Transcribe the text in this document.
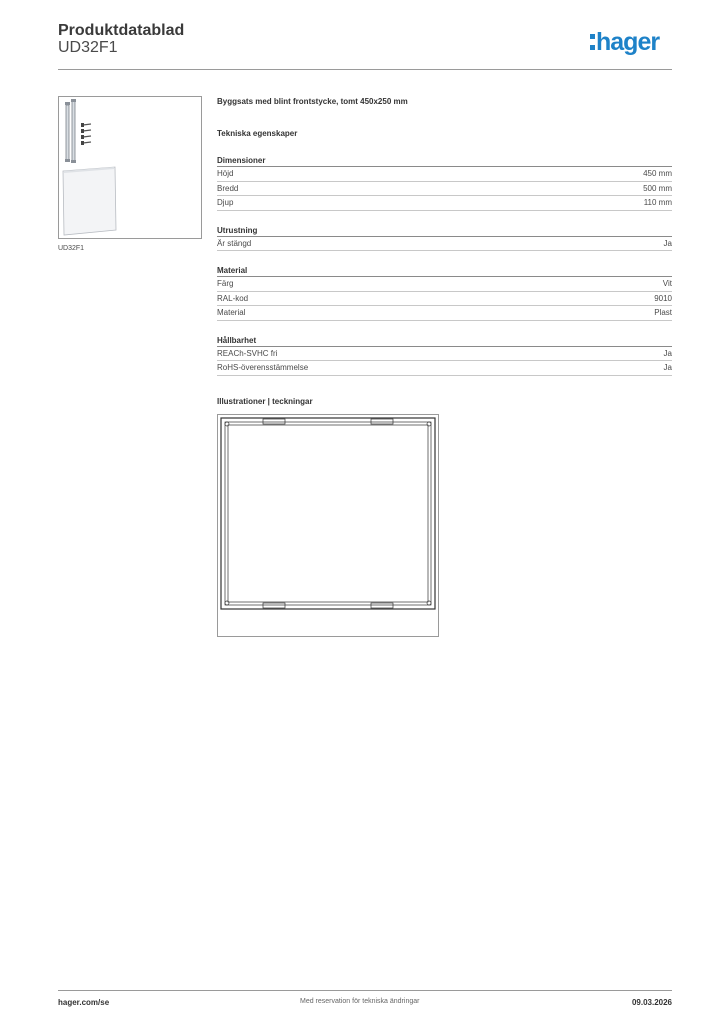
Produktdatablad
UD32F1	hager
UD32F1
Byggsats med blint frontstycke, tomt 450x250 mm
Tekniska egenskaper
Dimensioner
Höjd	450 mm
Bredd	500 mm
Djup	110 mm
Utrustning
Är stängd	Ja
Material
Färg	Vit
RAL-kod	9010
Material	Plast
Hållbarhet
REACh-SVHC fri	Ja
RoHS-överensstämmelse	Ja
Illustrationer | teckningar
hager.com/se	Med reservation för tekniska ändringar	09.03.2026
